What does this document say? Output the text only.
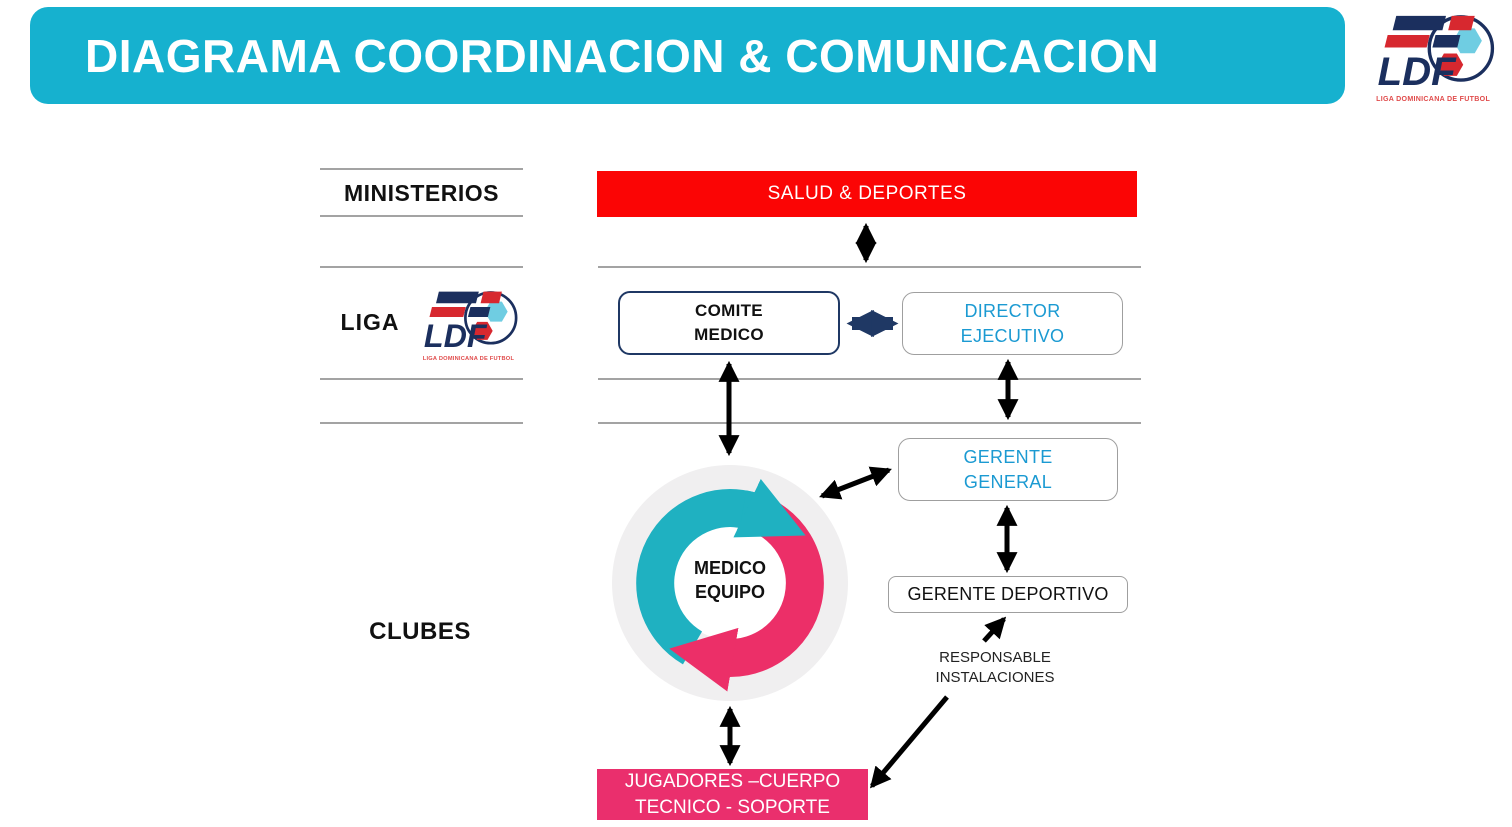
DIAGRAMA COORDINACION & COMUNICACION	LDF
LIGA DOMINICANA DE FUTBOL
MINISTERIOS
LIGA
CLUBES
LDF
LIGA DOMINICANA DE FUTBOL
SALUD & DEPORTES
COMITE
MEDICO
DIRECTOR
EJECUTIVO
GERENTE
GENERAL
GERENTE DEPORTIVO
RESPONSABLE
INSTALACIONES
JUGADORES –CUERPO
TECNICO - SOPORTE
MEDICO
EQUIPO
